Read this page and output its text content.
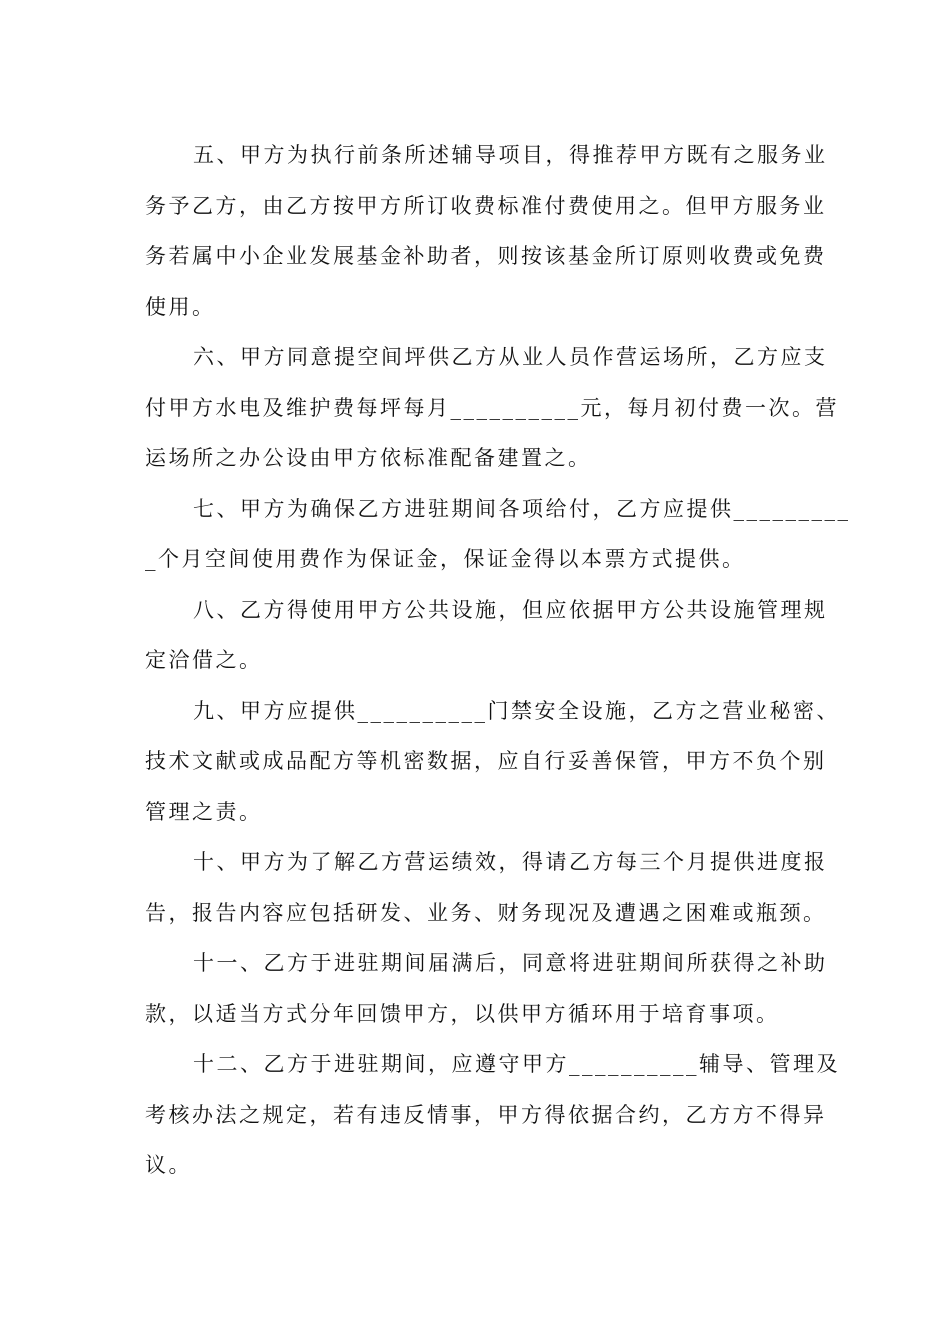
五、甲方为执行前条所述辅导项目，得推荐甲方既有之服务业
务予乙方，由乙方按甲方所订收费标准付费使用之。但甲方服务业
务若属中小企业发展基金补助者，则按该基金所订原则收费或免费
使用。
六、甲方同意提空间坪供乙方从业人员作营运场所，乙方应支
付甲方水电及维护费每坪每月__________元，每月初付费一次。营
运场所之办公设由甲方依标准配备建置之。
七、甲方为确保乙方进驻期间各项给付，乙方应提供_________
_个月空间使用费作为保证金，保证金得以本票方式提供。
八、乙方得使用甲方公共设施，但应依据甲方公共设施管理规
定洽借之。
九、甲方应提供__________门禁安全设施，乙方之营业秘密、
技术文献或成品配方等机密数据，应自行妥善保管，甲方不负个别
管理之责。
十、甲方为了解乙方营运绩效，得请乙方每三个月提供进度报
告，报告内容应包括研发、业务、财务现况及遭遇之困难或瓶颈。
十一、乙方于进驻期间届满后，同意将进驻期间所获得之补助
款，以适当方式分年回馈甲方，以供甲方循环用于培育事项。
十二、乙方于进驻期间，应遵守甲方__________辅导、管理及
考核办法之规定，若有违反情事，甲方得依据合约，乙方方不得异
议。
